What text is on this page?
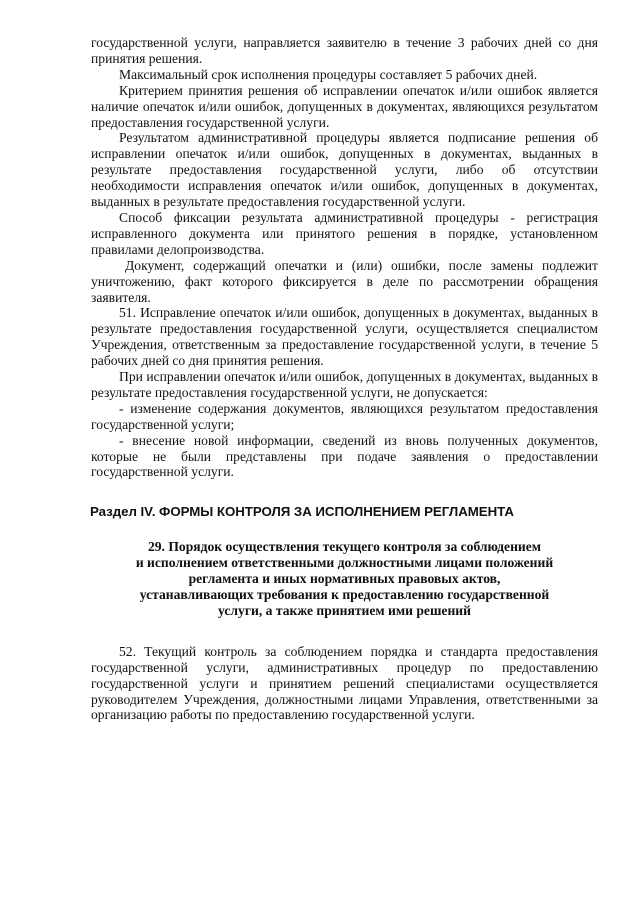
государственной услуги, направляется заявителю в течение 3 рабочих дней со дня принятия решения.

Максимальный срок исполнения процедуры составляет 5 рабочих дней.

Критерием принятия решения об исправлении опечаток и/или ошибок является наличие опечаток и/или ошибок, допущенных в документах, являющихся результатом предоставления государственной услуги.

Результатом административной процедуры является подписание решения об исправлении опечаток и/или ошибок, допущенных в документах, выданных в результате предоставления государственной услуги, либо об отсутствии необходимости исправления опечаток и/или ошибок, допущенных в документах, выданных в результате предоставления государственной услуги.

Способ фиксации результата административной процедуры - регистрация исправленного документа или принятого решения в порядке, установленном правилами делопроизводства.

Документ, содержащий опечатки и (или) ошибки, после замены подлежит уничтожению, факт которого фиксируется в деле по рассмотрении обращения заявителя.

51. Исправление опечаток и/или ошибок, допущенных в документах, выданных в результате предоставления государственной услуги, осуществляется специалистом Учреждения, ответственным за предоставление государственной услуги, в течение 5 рабочих дней со дня принятия решения.

При исправлении опечаток и/или ошибок, допущенных в документах, выданных в результате предоставления государственной услуги, не допускается:

- изменение содержания документов, являющихся результатом предоставления государственной услуги;

- внесение новой информации, сведений из вновь полученных документов, которые не были представлены при подаче заявления о предоставлении государственной услуги.

Раздел IV. ФОРМЫ КОНТРОЛЯ ЗА ИСПОЛНЕНИЕМ РЕГЛАМЕНТА
29. Порядок осуществления текущего контроля за соблюдением
и исполнением ответственными должностными лицами положений
регламента и иных нормативных правовых актов,
устанавливающих требования к предоставлению государственной
услуги, а также принятием ими решений

52. Текущий контроль за соблюдением порядка и стандарта предоставления государственной услуги, административных процедур по предоставлению государственной услуги и принятием решений специалистами осуществляется руководителем Учреждения, должностными лицами Управления, ответственными за организацию работы по предоставлению государственной услуги.
